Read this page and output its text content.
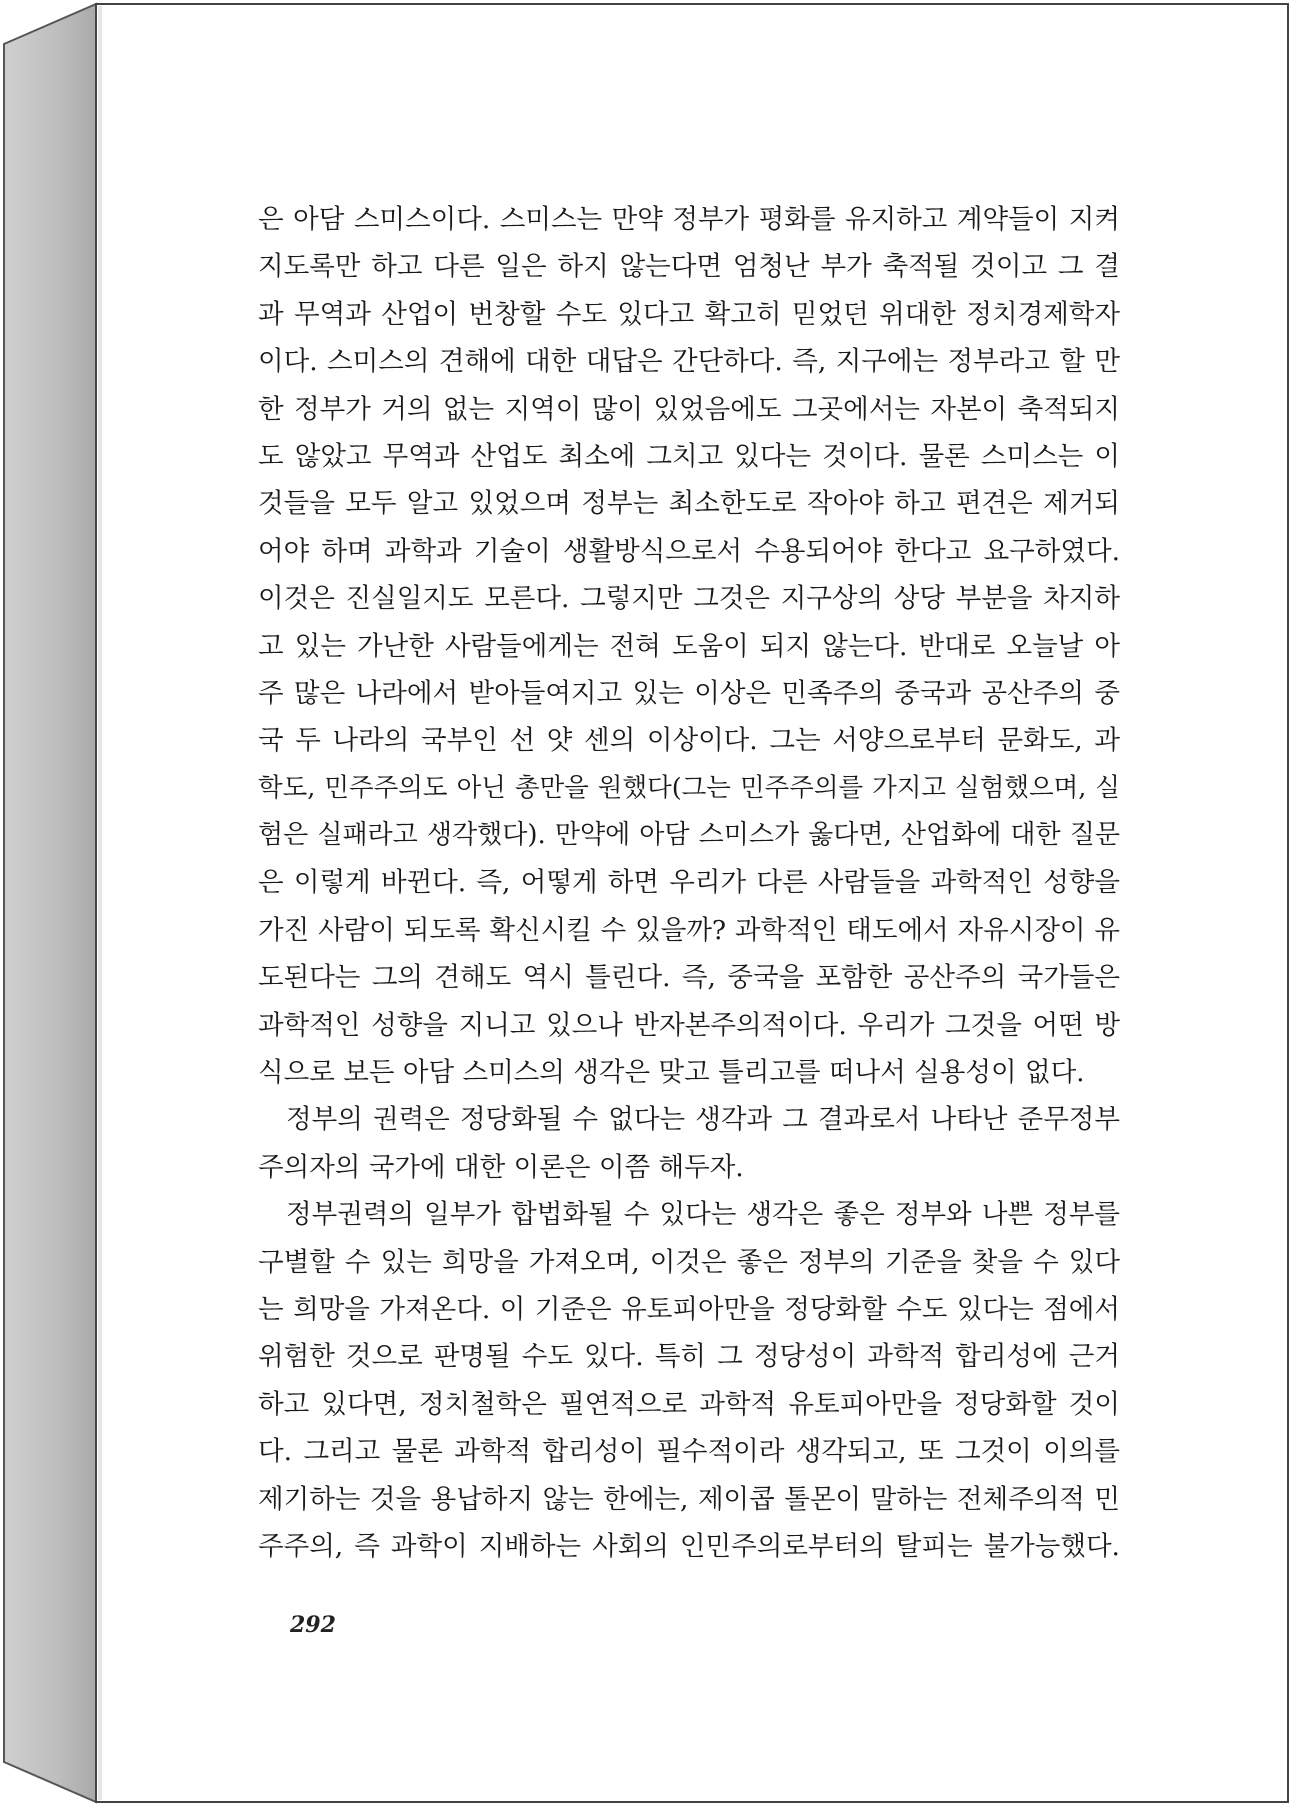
은 아담 스미스이다. 스미스는 만약 정부가 평화를 유지하고 계약들이 지켜
지도록만 하고 다른 일은 하지 않는다면 엄청난 부가 축적될 것이고 그 결
과 무역과 산업이 번창할 수도 있다고 확고히 믿었던 위대한 정치경제학자
이다. 스미스의 견해에 대한 대답은 간단하다. 즉, 지구에는 정부라고 할 만
한 정부가 거의 없는 지역이 많이 있었음에도 그곳에서는 자본이 축적되지
도 않았고 무역과 산업도 최소에 그치고 있다는 것이다. 물론 스미스는 이
것들을 모두 알고 있었으며 정부는 최소한도로 작아야 하고 편견은 제거되
어야 하며 과학과 기술이 생활방식으로서 수용되어야 한다고 요구하였다.
이것은 진실일지도 모른다. 그렇지만 그것은 지구상의 상당 부분을 차지하
고 있는 가난한 사람들에게는 전혀 도움이 되지 않는다. 반대로 오늘날 아
주 많은 나라에서 받아들여지고 있는 이상은 민족주의 중국과 공산주의 중
국 두 나라의 국부인 선 얏 센의 이상이다. 그는 서양으로부터 문화도, 과
학도, 민주주의도 아닌 총만을 원했다(그는 민주주의를 가지고 실험했으며, 실
험은 실패라고 생각했다). 만약에 아담 스미스가 옳다면, 산업화에 대한 질문
은 이렇게 바뀐다. 즉, 어떻게 하면 우리가 다른 사람들을 과학적인 성향을
가진 사람이 되도록 확신시킬 수 있을까? 과학적인 태도에서 자유시장이 유
도된다는 그의 견해도 역시 틀린다. 즉, 중국을 포함한 공산주의 국가들은
과학적인 성향을 지니고 있으나 반자본주의적이다. 우리가 그것을 어떤 방
식으로 보든 아담 스미스의 생각은 맞고 틀리고를 떠나서 실용성이 없다.
정부의 권력은 정당화될 수 없다는 생각과 그 결과로서 나타난 준무정부
주의자의 국가에 대한 이론은 이쯤 해두자.
정부권력의 일부가 합법화될 수 있다는 생각은 좋은 정부와 나쁜 정부를
구별할 수 있는 희망을 가져오며, 이것은 좋은 정부의 기준을 찾을 수 있다
는 희망을 가져온다. 이 기준은 유토피아만을 정당화할 수도 있다는 점에서
위험한 것으로 판명될 수도 있다. 특히 그 정당성이 과학적 합리성에 근거
하고 있다면, 정치철학은 필연적으로 과학적 유토피아만을 정당화할 것이
다. 그리고 물론 과학적 합리성이 필수적이라 생각되고, 또 그것이 이의를
제기하는 것을 용납하지 않는 한에는, 제이콥 톨몬이 말하는 전체주의적 민
주주의, 즉 과학이 지배하는 사회의 인민주의로부터의 탈피는 불가능했다.
292
